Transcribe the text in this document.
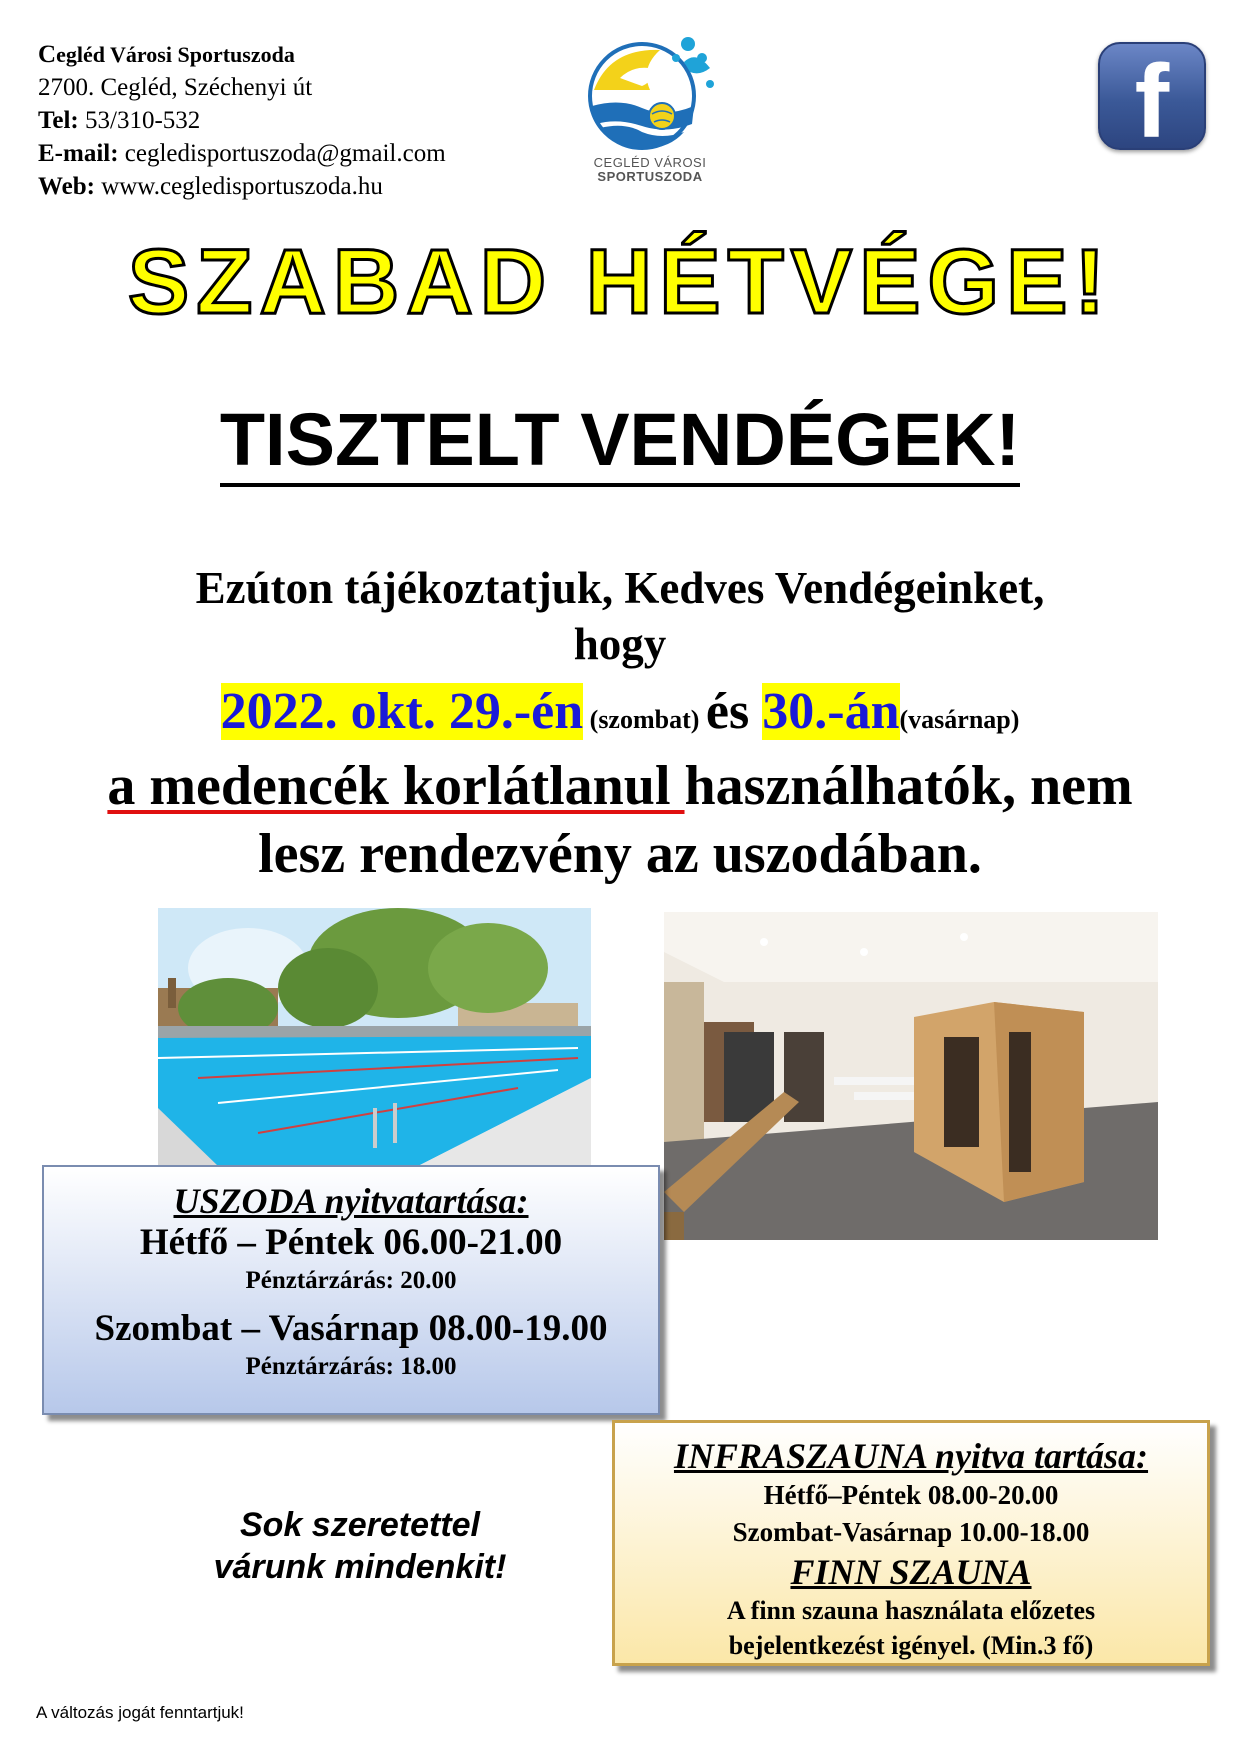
Cegléd Városi Sportuszoda
2700. Cegléd, Széchenyi út
Tel: 53/310-532
E-mail: cegledisportuszoda@gmail.com
Web: www.cegledisportuszoda.hu
CEGLÉD VÁROSI
SPORTUSZODA
f
SZABAD HÉTVÉGE!
TISZTELT VENDÉGEK!
Ezúton tájékoztatjuk, Kedves Vendégeinket,
hogy
2022. okt. 29.-én (szombat) és 30.-án(vasárnap)
a medencék korlátlanul használhatók, nem
lesz rendezvény az uszodában.
USZODA nyitvatartása:
Hétfő – Péntek 06.00-21.00
Pénztárzárás: 20.00
Szombat – Vasárnap 08.00-19.00
Pénztárzárás: 18.00
Sok szeretettel
várunk mindenkit!
INFRASZAUNA nyitva tartása:
Hétfő–Péntek 08.00-20.00
Szombat-Vasárnap 10.00-18.00
FINN SZAUNA
A finn szauna használata előzetes
bejelentkezést igényel. (Min.3 fő)
A változás jogát fenntartjuk!
